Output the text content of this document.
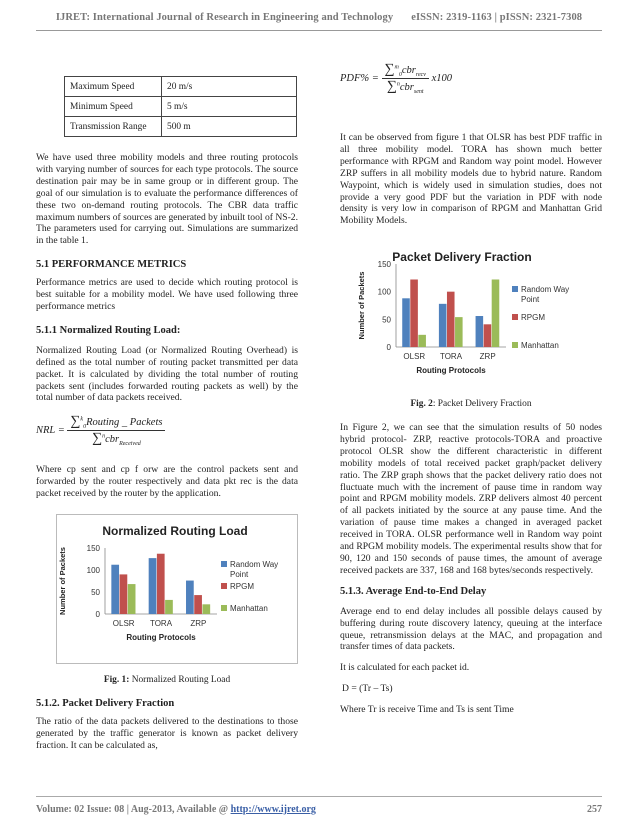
IJRET: International Journal of Research in Engineering and Technology eISSN: 2319-1163 | pISSN: 2321-7308
Maximum Speed	20 m/s
Minimum Speed	5 m/s
Transmission Range	500 m

We have used three mobility models and three routing protocols with varying number of sources for each type protocols. The source destination pair may be in same group or in different group. The goal of our simulation is to evaluate the performance differences of these two on-demand routing protocols. The CBR data traffic maximum numbers of sources are generated by inbuilt tool of NS-2. The parameters used for carrying out. Simulations are summarized in the table 1.

5.1 PERFORMANCE METRICS

Performance metrics are used to decide which routing protocol is best suitable for a mobility model. We have used following three performance metrics

5.1.1 Normalized Routing Load:

Normalized Routing Load (or Normalized Routing Overhead) is defined as the total number of routing packet transmitted per data packet. It is calculated by dividing the total number of routing packets sent (includes forwarded routing packets as well) by the total number of data packets received.

NRL = $\frac{\sum^k_0Routing \_ Packets}{\sum^ncbr_{Received}}$

Where cp sent and cp f orw are the control packets sent and forwarded by the router respectively and data pkt rec is the data packet received by the router by the application.

Normalized Routing Load
0
50
100
150
OLSR TORA ZRP
Routing Protocols
Number of Packets	Random Way
Point
RPGM
Manhattan
Fig. 1: Normalized Routing Load
5.1.2. Packet Delivery Fraction

The ratio of the data packets delivered to the destinations to those generated by the traffic generator is known as packet delivery fraction. It can be calculated as,

$PDF\% = \frac{\sum^m_0cbr_{recv}}{\sum^ncbr_{sent}} x100$

It can be observed from figure 1 that OLSR has best PDF traffic in all three mobility model. TORA has shown much better performance with RPGM and Random way point model. However ZRP suffers in all mobility models due to hybrid nature. Random Waypoint, which is widely used in simulation studies, does not provide a very good PDF but the variation in PDF with node density is very low in comparison of RPGM and Manhattan Grid Mobility Models.

Packet Delivery Fraction
0
50
100
150
OLSR TORA ZRP
Routing Protocols
Number of Packets	Random Way
Point
RPGM
Manhattan
Fig. 2: Packet Delivery Fraction

In Figure 2, we can see that the simulation results of 50 nodes hybrid protocol- ZRP, reactive protocols-TORA and proactive protocol OLSR show the different characteristic in different mobility models of total received packet graph/packet delivery ratio. The ZRP graph shows that the packet delivery ratio does not fluctuate much with the increment of pause time in random way point and RPGM mobility models. ZRP delivers almost 40 percent of all packets initiated by the source at any pause time. And the variation of pause time makes a changed in averaged packet received in TORA. OLSR performance well in Random way point and RPGM mobility models. The experimental results show that for 90, 120 and 150 seconds of pause times, the amount of average received packets are 337, 168 and 168 bytes/seconds respectively.

5.1.3. Average End-to-End Delay

Average end to end delay includes all possible delays caused by buffering during route discovery latency, queuing at the interface queue, retransmission delays at the MAC, and propagation and transfer times of data packets.

It is calculated for each packet id.

D = (Tr – Ts)

Where Tr is receive Time and Ts is sent Time

Volume: 02 Issue: 08 | Aug-2013, Available @ http://www.ijret.org	257
